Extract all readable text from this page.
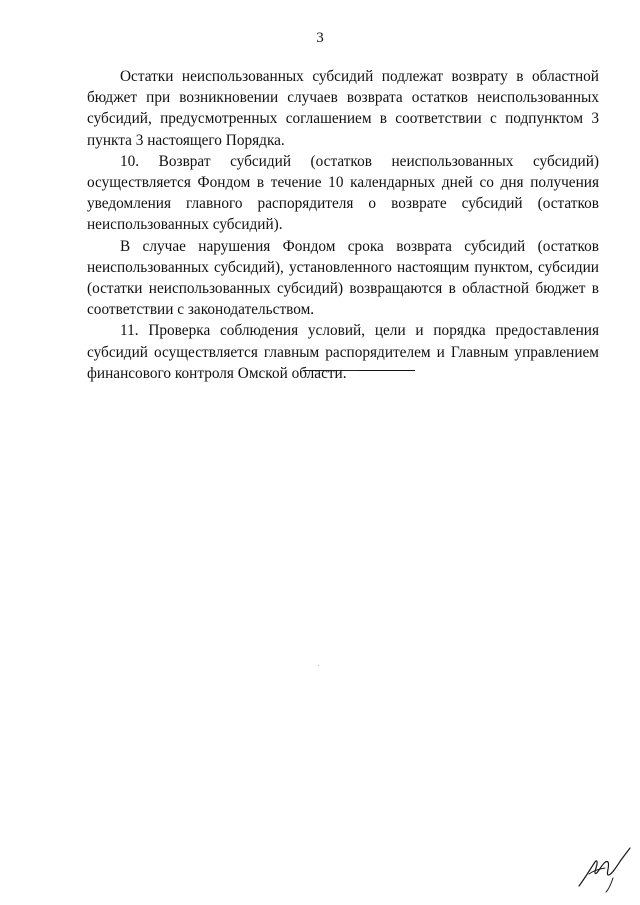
3

Остатки неиспользованных субсидий подлежат возврату в областной бюджет при возникновении случаев возврата остатков неиспользованных субсидий, предусмотренных соглашением в соответствии с подпунктом 3 пункта 3 настоящего Порядка.

10. Возврат субсидий (остатков неиспользованных субсидий) осуществляется Фондом в течение 10 календарных дней со дня получения уведомления главного распорядителя о возврате субсидий (остатков неиспользованных субсидий).

В случае нарушения Фондом срока возврата субсидий (остатков неиспользованных субсидий), установленного настоящим пунктом, субсидии (остатки неиспользованных субсидий) возвращаются в областной бюджет в соответствии с законодательством.

11. Проверка соблюдения условий, цели и порядка предоставления субсидий осуществляется главным распорядителем и Главным управлением финансового контроля Омской области.
